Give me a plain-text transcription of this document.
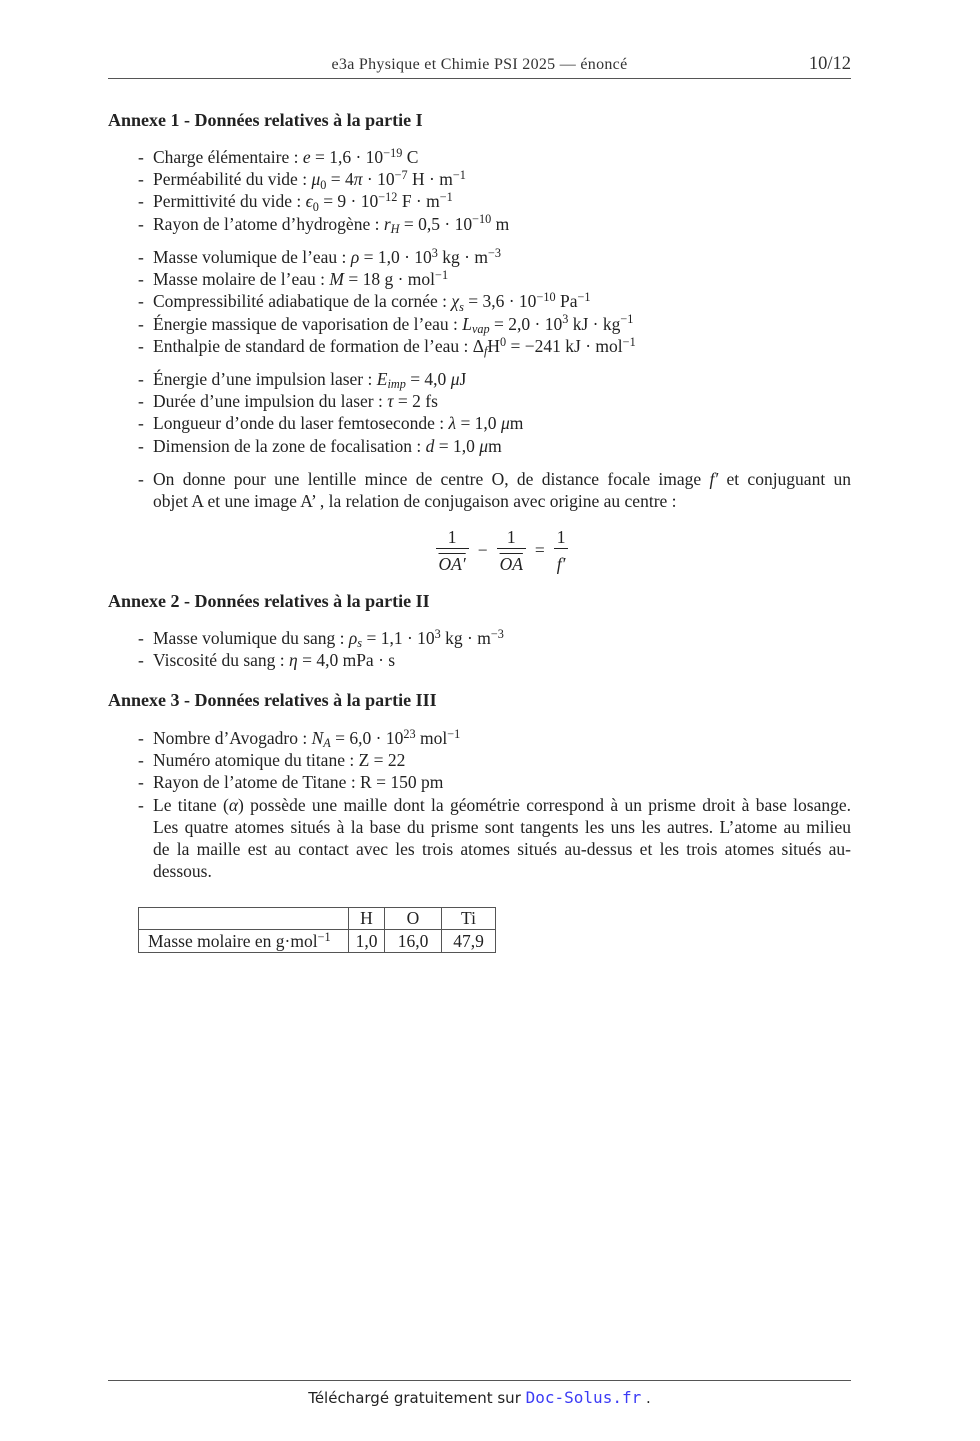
e3a Physique et Chimie PSI 2025 — énoncé	10/12
Annexe 1 - Données relatives à la partie I
- Charge élémentaire : $e = 1,6 \cdot 10^{-19}$ C
- Perméabilité du vide : $\mu 0 = 4\pi \cdot 10^{-7}$ $H \cdot m^{-1}$
- Permittivité du vide : $\epsilon 0 = 9 \cdot 10^{-12}$ $F \cdot m^{-1}$
- Rayon de l’atome d’hydrogène : rH = $0,5 \cdot 10^{-10}$ m
- Masse volumique de l’eau : $\rho = 1,0 \cdot 10^3$ kg · $m^{-3}$
- Masse molaire de l’eau : M = 18 g · mol$^{-1}$
- Compressibilité adiabatique de la cornée : $\chi s = 3,6 \cdot 10^{-10}$ $Pa^{-1}$
- Énergie massique de vaporisation de l’eau : Lvap = $2,0 \cdot 10^3$ kJ · $kg^{-1}$
- Enthalpie de standard de formation de l’eau : ΔfH$^0$ = −241 kJ · mol$^{-1}$
- Énergie d’une impulsion laser : Eimp = 4,0 μJ
- Durée d’une impulsion du laser : τ = 2 fs
- Longueur d’onde du laser femtoseconde : λ = 1,0 μm
- Dimension de la zone de focalisation : d = 1,0 μm
- On donne pour une lentille mince de centre O, de distance focale image f′ et conjuguant un
objet A et une image A’ , la relation de conjugaison avec origine au centre :
$\frac{1}{OA'} - \frac{1}{OA} = \frac{1}{f'}$
Annexe 2 - Données relatives à la partie II
- Masse volumique du sang : $\rho s = 1,1 \cdot 10^3$ kg · $m^{-3}$
- Viscosité du sang : η = 4,0 mPa · s
Annexe 3 - Données relatives à la partie III
- Nombre d’Avogadro : NA = $6,0 \cdot 10^{23}$ mol$^{-1}$
- Numéro atomique du titane : Z = 22
- Rayon de l’atome de Titane : R = 150 pm
- Le titane (α) possède une maille dont la géométrie correspond à un prisme droit à base losange.
Les quatre atomes situés à la base du prisme sont tangents les uns les autres. L’atome au milieu
de la maille est au contact avec les trois atomes situés au-dessus et les trois atomes situés au-
dessous.
	H	O	Ti
Masse molaire en g·mol$^{-1}$	1,0	16,0	47,9
Téléchargé gratuitement sur Doc-Solus.fr .
